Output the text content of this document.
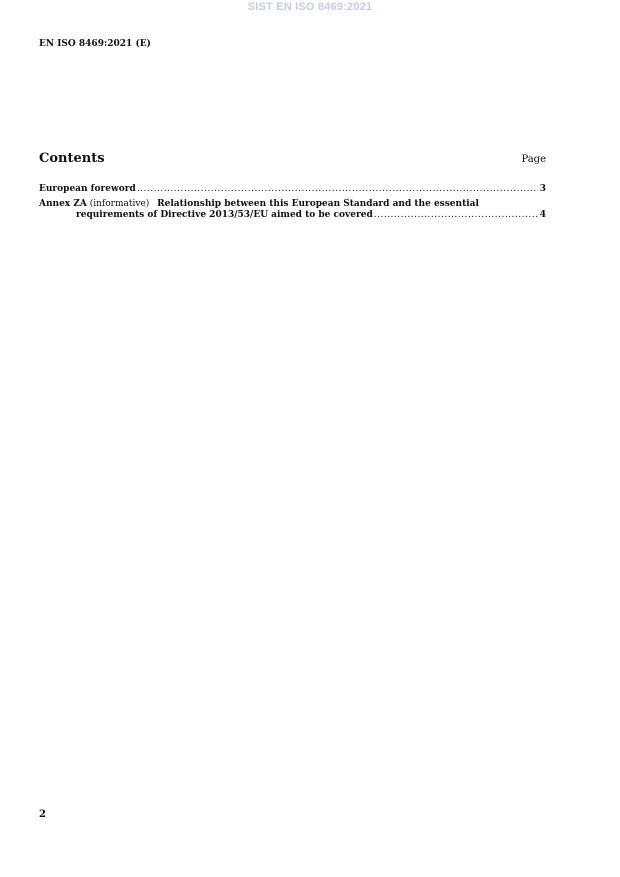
SIST EN ISO 8469:2021
EN ISO 8469:2021 (E)
Contents	Page
European foreword .....	3
Annex ZA (informative) Relationship between this European Standard and the essential
requirements of Directive 2013/53/EU aimed to be covered .....	4
2
